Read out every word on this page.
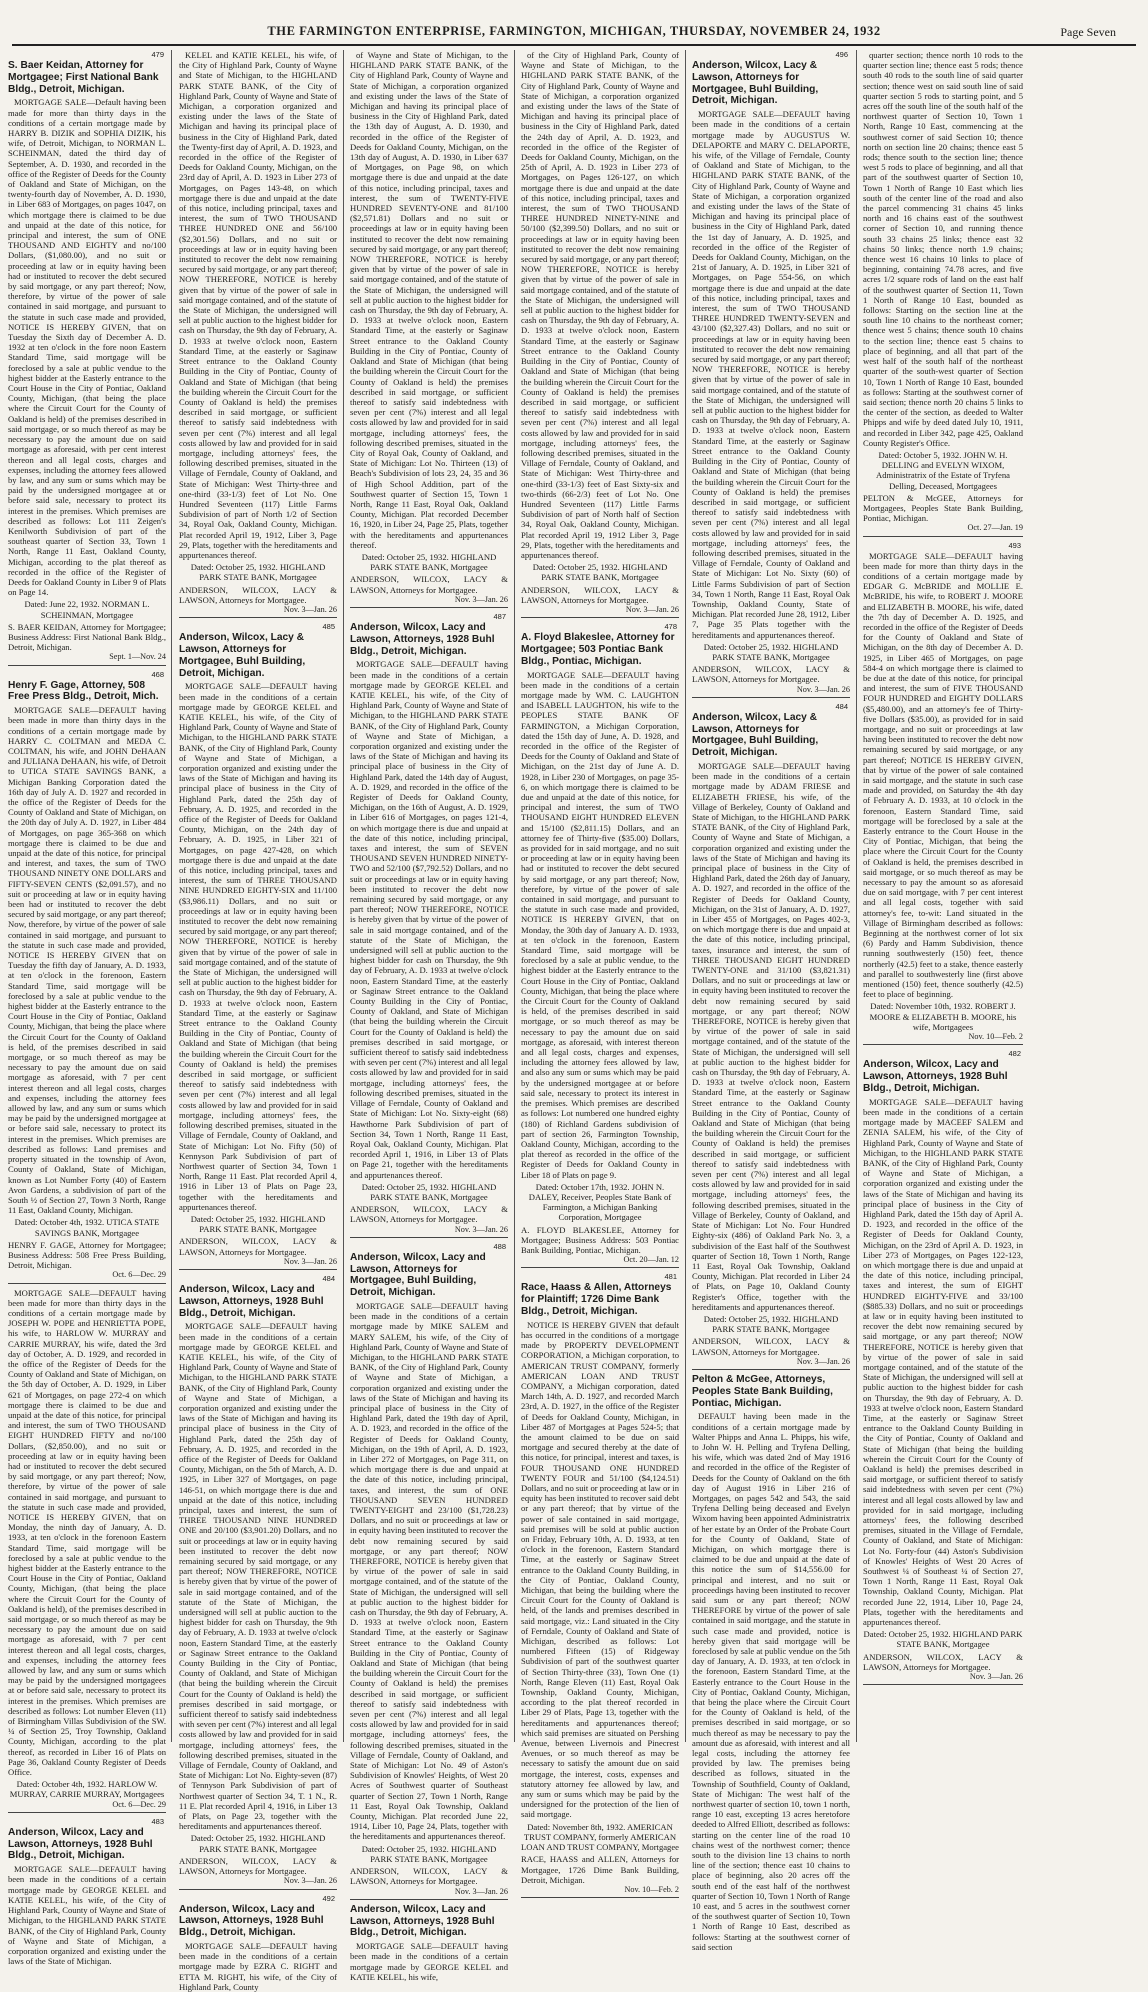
THE FARMINGTON ENTERPRISE, FARMINGTON, MICHIGAN, THURSDAY, NOVEMBER 24, 1932	Page Seven
479
S. Baer Keidan, Attorney for Mortgagee; First National Bank Bldg., Detroit, Michigan.
MORTGAGE SALE—Default having been made for more than thirty days in the conditions of a certain mortgage made by HARRY B. DIZIK and SOPHIA DIZIK, his wife, of Detroit, Michigan, to NORMAN L. SCHEINMAN, dated the third day of September, A. D. 1930, and recorded in the office of the Register of Deeds for the County of Oakland and State of Michigan, on the twenty-fourth day of November, A. D. 1930, in Liber 683 of Mortgages, on pages 1047, on which mortgage there is claimed to be due and unpaid at the date of this notice, for principal and interest, the sum of ONE THOUSAND AND EIGHTY and no/100 Dollars, ($1,080.00), and no suit or proceeding at law or in equity having been had or instituted to recover the debt secured by said mortgage, or any part thereof; Now, therefore, by virtue of the power of sale contained in said mortgage, and pursuant to the statute in such case made and provided, NOTICE IS HEREBY GIVEN, that on Tuesday the Sixth day of December A. D. 1932 at ten o'clock in the fore noon Eastern Standard Time, said mortgage will be foreclosed by a sale at public vendue to the highest bidder at the Easterly entrance to the Court House in the City of Pontiac, Oakland County, Michigan, (that being the place where the Circuit Court for the County of Oakland is held) of the premises described in said mortgage, or so much thereof as may be necessary to pay the amount due on said mortgage as aforesaid, with per cent interest thereon and all legal costs, charges and expenses, including the attorney fees allowed by law, and any sum or sums which may be paid by the undersigned mortgagee at or before said sale, necessary to protect its interest in the premises. Which premises are described as follows: Lot 111 Zeigen's Kenilworth Subdivision of part of the southeast quarter of Section 33, Town 1 North, Range 11 East, Oakland County, Michigan, according to the plat thereof as recorded in the office of the Register of Deeds for Oakland County in Liber 9 of Plats on Page 14.
Dated: June 22, 1932. NORMAN L. SCHEINMAN, Mortgagee
S. BAER KEIDAN, Attorney for Mortgagee; Business Address: First National Bank Bldg., Detroit, Michigan.
Sept. 1—Nov. 24
468
Henry F. Gage, Attorney, 508 Free Press Bldg., Detroit, Mich.
MORTGAGE SALE—DEFAULT having been made in more than thirty days in the conditions of a certain mortgage made by HARRY C. COLTMAN and MEDA C. COLTMAN, his wife, and JOHN DeHAAN and JULIANA DeHAAN, his wife, of Detroit to UTICA STATE SAVINGS BANK, a Michigan Banking Corporation dated the 16th day of July A. D. 1927 and recorded in the office of the Register of Deeds for the County of Oakland and State of Michigan, on the 20th day of July A. D. 1927, in Liber 484 of Mortgages, on page 365-368 on which mortgage there is claimed to be due and unpaid at the date of this notice, for principal and interest, and taxes, the sum of TWO THOUSAND NINETY ONE DOLLARS and FIFTY-SEVEN CENTS ($2,091.57), and no suit or proceeding at law or in equity having been had or instituted to recover the debt secured by said mortgage, or any part thereof; Now, therefore, by virtue of the power of sale contained in said mortgage, and pursuant to the statute in such case made and provided, NOTICE IS HEREBY GIVEN that on Tuesday the fifth day of January, A. D. 1933, at ten o'clock in the forenoon, Eastern Standard Time, said mortgage will be foreclosed by a sale at public vendue to the highest bidder at the Easterly entrance to the Court House in the City of Pontiac, Oakland County, Michigan, that being the place where the Circuit Court for the County of Oakland is held, of the premises described in said mortgage, or so much thereof as may be necessary to pay the amount due on said mortgage as aforesaid, with 7 per cent interest thereon and all legal costs, charges and expenses, including the attorney fees allowed by law, and any sum or sums which may be paid by the undersigned mortgagee at or before said sale, necessary to protect its interest in the premises. Which premises are described as follows: Land premises and property situated in the township of Avon, County of Oakland, State of Michigan, known as Lot Number Forty (40) of Eastern Avon Gardens, a subdivision of part of the South ½ of Section 27, Town 3 North, Range 11 East, Oakland County, Michigan.
Dated: October 4th, 1932. UTICA STATE SAVINGS BANK, Mortgagee
HENRY F. GAGE, Attorney for Mortgagee; Business Address: 508 Free Press Building, Detroit, Michigan.
Oct. 6—Dec. 29
MORTGAGE SALE—DEFAULT having been made for more than thirty days in the conditions of a certain mortgage made by JOSEPH W. POPE and HENRIETTA POPE, his wife, to HARLOW W. MURRAY and CARRIE MURRAY, his wife, dated the 3rd day of October, A. D. 1929, and recorded in the office of the Register of Deeds for the County of Oakland and State of Michigan, on the 5th day of October, A. D. 1929, in Liber 621 of Mortgages, on page 272-4 on which mortgage there is claimed to be due and unpaid at the date of this notice, for principal and interest, the sum of TWO THOUSAND EIGHT HUNDRED FIFTY and no/100 Dollars, ($2,850.00), and no suit or proceeding at law or in equity having been had or instituted to recover the debt secured by said mortgage, or any part thereof; Now, therefore, by virtue of the power of sale contained in said mortgage, and pursuant to the statute in such case made and provided, NOTICE IS HEREBY GIVEN, that on Monday, the ninth day of January, A. D. 1933, at ten o'clock in the forenoon Eastern Standard Time, said mortgage will be foreclosed by a sale at public vendue to the highest bidder at the Easterly entrance to the Court House in the City of Pontiac, Oakland County, Michigan, (that being the place where the Circuit Court for the County of Oakland is held), of the premises described in said mortgage, or so much thereof as may be necessary to pay the amount due on said mortgage as aforesaid, with 7 per cent interest thereon and all legal costs, charges, and expenses, including the attorney fees allowed by law, and any sum or sums which may be paid by the undersigned mortgagees at or before said sale, necessary to protect its interest in the premises. Which premises are described as follows: Lot number Eleven (11) of Birmingham Villas Subdivision of the SW. ¼ of Section 25, Troy Township, Oakland County, Michigan, according to the plat thereof, as recorded in Liber 16 of Plats on Page 36, Oakland County Register of Deeds Office.
Dated: October 4th, 1932. HARLOW W. MURRAY, CARRIE MURRAY, Mortgagees
Oct. 6—Dec. 29
483
Anderson, Wilcox, Lacy and Lawson, Attorneys, 1928 Buhl Bldg., Detroit, Michigan.
MORTGAGE SALE—DEFAULT having been made in the conditions of a certain mortgage made by GEORGE KELEL and KATIE KELEL, his wife, of the City of Highland Park, County of Wayne and State of Michigan, to the HIGHLAND PARK STATE BANK, of the City of Highland Park, County of Wayne and State of Michigan, a corporation organized and existing under the laws of the State of Michigan.
KELEL and KATIE KELEL, his wife, of the City of Highland Park, County of Wayne and State of Michigan, to the HIGHLAND PARK STATE BANK, of the City of Highland Park, County of Wayne and State of Michigan, a corporation organized and existing under the laws of the State of Michigan and having its principal place of business in the City of Highland Park, dated the Twenty-first day of April, A. D. 1923, and recorded in the office of the Register of Deeds for Oakland County, Michigan, on the 23rd day of April, A. D. 1923 in Liber 273 of Mortgages, on Pages 143-48, on which mortgage there is due and unpaid at the date of this notice, including principal, taxes and interest, the sum of TWO THOUSAND THREE HUNDRED ONE and 56/100 ($2,301.56) Dollars, and no suit or proceedings at law or in equity having been instituted to recover the debt now remaining secured by said mortgage, or any part thereof; NOW THEREFORE, NOTICE is hereby given that by virtue of the power of sale in said mortgage contained, and of the statute of the State of Michigan, the undersigned will sell at public auction to the highest bidder for cash on Thursday, the 9th day of February, A. D. 1933 at twelve o'clock noon, Eastern Standard Time, at the easterly or Saginaw Street entrance to the Oakland County Building in the City of Pontiac, County of Oakland and State of Michigan (that being the building wherein the Circuit Court for the County of Oakland is held) the premises described in said mortgage, or sufficient thereof to satisfy said indebtedness with seven per cent (7%) interest and all legal costs allowed by law and provided for in said mortgage, including attorneys' fees, the following described premises, situated in the Village of Ferndale, County of Oakland, and State of Michigan: West Thirty-three and one-third (33-1/3) feet of Lot No. One Hundred Seventeen (117) Little Farms Subdivision of part of North 1/2 of Section 34, Royal Oak, Oakland County, Michigan. Plat recorded April 19, 1912, Liber 3, Page 29, Plats, together with the hereditaments and appurtenances thereof.
Dated: October 25, 1932. HIGHLAND PARK STATE BANK, Mortgagee
ANDERSON, WILCOX, LACY & LAWSON, Attorneys for Mortgagee.
Nov. 3—Jan. 26
485
Anderson, Wilcox, Lacy & Lawson, Attorneys for Mortgagee, Buhl Building, Detroit, Michigan.
MORTGAGE SALE—DEFAULT having been made in the conditions of a certain mortgage made by GEORGE KELEL and KATIE KELEL, his wife, of the City of Highland Park, County of Wayne and State of Michigan, to the HIGHLAND PARK STATE BANK, of the City of Highland Park, County of Wayne and State of Michigan, a corporation organized and existing under the laws of the State of Michigan and having its principal place of business in the City of Highland Park, dated the 25th day of February, A. D. 1925, and recorded in the office of the Register of Deeds for Oakland County, Michigan, on the 24th day of February, A. D. 1925, in Liber 321 of Mortgages, on page 427-428, on which mortgage there is due and unpaid at the date of this notice, including principal, taxes and interest, the sum of THREE THOUSAND NINE HUNDRED EIGHTY-SIX and 11/100 ($3,986.11) Dollars, and no suit or proceedings at law or in equity having been instituted to recover the debt now remaining secured by said mortgage, or any part thereof; NOW THEREFORE, NOTICE is hereby given that by virtue of the power of sale in said mortgage contained, and of the statute of the State of Michigan, the undersigned will sell at public auction to the highest bidder for cash on Thursday, the 9th day of February, A. D. 1933 at twelve o'clock noon, Eastern Standard Time, at the easterly or Saginaw Street entrance to the Oakland County Building in the City of Pontiac, County of Oakland and State of Michigan (that being the building wherein the Circuit Court for the County of Oakland is held) the premises described in said mortgage, or sufficient thereof to satisfy said indebtedness with seven per cent (7%) interest and all legal costs allowed by law and provided for in said mortgage, including attorneys' fees, the following described premises, situated in the Village of Ferndale, County of Oakland, and State of Michigan: Lot No. Fifty (50) of Kennyson Park Subdivision of part of Northwest quarter of Section 34, Town 1 North, Range 11 East. Plat recorded April 4, 1916 in Liber 13 of Plats on Page 23, together with the hereditaments and appurtenances thereof.
Dated: October 25, 1932. HIGHLAND PARK STATE BANK, Mortgagee
ANDERSON, WILCOX, LACY & LAWSON, Attorneys for Mortgagee.
Nov. 3—Jan. 26
484
Anderson, Wilcox, Lacy and Lawson, Attorneys, 1928 Buhl Bldg., Detroit, Michigan.
MORTGAGE SALE—DEFAULT having been made in the conditions of a certain mortgage made by GEORGE KELEL and KATIE KELEL, his wife, of the City of Highland Park, County of Wayne and State of Michigan, to the HIGHLAND PARK STATE BANK, of the City of Highland Park, County of Wayne and State of Michigan, a corporation organized and existing under the laws of the State of Michigan and having its principal place of business in the City of Highland Park, dated the 25th day of February, A. D. 1925, and recorded in the office of the Register of Deeds for Oakland County, Michigan, on the 5th of March, A. D. 1925, in Liber 327 of Mortgages, on page 146-51, on which mortgage there is due and unpaid at the date of this notice, including principal, taxes and interest, the sum of THREE THOUSAND NINE HUNDRED ONE and 20/100 ($3,901.20) Dollars, and no suit or proceedings at law or in equity having been instituted to recover the debt now remaining secured by said mortgage, or any part thereof; NOW THEREFORE, NOTICE is hereby given that by virtue of the power of sale in said mortgage contained, and of the statute of the State of Michigan, the undersigned will sell at public auction to the highest bidder for cash on Thursday, the 9th day of February, A. D. 1933 at twelve o'clock noon, Eastern Standard Time, at the easterly or Saginaw Street entrance to the Oakland County Building in the City of Pontiac, County of Oakland, and State of Michigan (that being the building wherein the Circuit Court for the County of Oakland is held) the premises described in said mortgage, or sufficient thereof to satisfy said indebtedness with seven per cent (7%) interest and all legal costs allowed by law and provided for in said mortgage, including attorneys' fees, the following described premises, situated in the Village of Ferndale, County of Oakland, and State of Michigan: Lot No. Eighty-seven (87) of Tennyson Park Subdivision of part of Northwest quarter of Section 34, T. 1 N., R. 11 E. Plat recorded April 4, 1916, in Liber 13 of Plats, on Page 23, together with the hereditaments and appurtenances thereof.
Dated: October 25, 1932. HIGHLAND PARK STATE BANK, Mortgagee
ANDERSON, WILCOX, LACY & LAWSON, Attorneys for Mortgagee.
Nov. 3—Jan. 26
492
Anderson, Wilcox, Lacy and Lawson, Attorneys, 1928 Buhl Bldg., Detroit, Michigan.
MORTGAGE SALE—DEFAULT having been made in the conditions of a certain mortgage made by EZRA C. RIGHT and ETTA M. RIGHT, his wife, of the City of Highland Park, County
of Wayne and State of Michigan, to the HIGHLAND PARK STATE BANK, of the City of Highland Park, County of Wayne and State of Michigan, a corporation organized and existing under the laws of the State of Michigan and having its principal place of business in the City of Highland Park, dated the 13th day of August, A. D. 1930, and recorded in the office of the Register of Deeds for Oakland County, Michigan, on the 13th day of August, A. D. 1930, in Liber 637 of Mortgages, on Page 98, on which mortgage there is due and unpaid at the date of this notice, including principal, taxes and interest, the sum of TWENTY-FIVE HUNDRED SEVENTY-ONE and 81/100 ($2,571.81) Dollars and no suit or proceedings at law or in equity having been instituted to recover the debt now remaining secured by said mortgage, or any part thereof; NOW THEREFORE, NOTICE is hereby given that by virtue of the power of sale in said mortgage contained, and of the statute of the State of Michigan, the undersigned will sell at public auction to the highest bidder for cash on Thursday, the 9th day of February, A. D. 1933 at twelve o'clock noon, Eastern Standard Time, at the easterly or Saginaw Street entrance to the Oakland County Building in the City of Pontiac, County of Oakland and State of Michigan (that being the building wherein the Circuit Court for the County of Oakland is held) the premises described in said mortgage, or sufficient thereof to satisfy said indebtedness with seven per cent (7%) interest and all legal costs allowed by law and provided for in said mortgage, including attorneys' fees, the following described premises, situated in the City of Royal Oak, County of Oakland, and State of Michigan: Lot No. Thirteen (13) of Beach's Subdivision of lots 23, 24, 35 and 36 of High School Addition, part of the Southwest quarter of Section 15, Town 1 North, Range 11 East, Royal Oak, Oakland County, Michigan. Plat recorded December 16, 1920, in Liber 24, Page 25, Plats, together with the hereditaments and appurtenances thereof.
Dated: October 25, 1932. HIGHLAND PARK STATE BANK, Mortgagee
ANDERSON, WILCOX, LACY & LAWSON, Attorneys for Mortgagee.
Nov. 3—Jan. 26
487
Anderson, Wilcox, Lacy and Lawson, Attorneys, 1928 Buhl Bldg., Detroit, Michigan.
MORTGAGE SALE—DEFAULT having been made in the conditions of a certain mortgage made by GEORGE KELEL and KATIE KELEL, his wife, of the City of Highland Park, County of Wayne and State of Michigan, to the HIGHLAND PARK STATE BANK, of the City of Highland Park, County of Wayne and State of Michigan, a corporation organized and existing under the laws of the State of Michigan and having its principal place of business in the City of Highland Park, dated the 14th day of August, A. D. 1929, and recorded in the office of the Register of Deeds for Oakland County, Michigan, on the 16th of August, A. D. 1929, in Liber 616 of Mortgages, on pages 121-4, on which mortgage there is due and unpaid at the date of this notice, including principal, taxes and interest, the sum of SEVEN THOUSAND SEVEN HUNDRED NINETY-TWO and 52/100 ($7,792.52) Dollars, and no suit or proceedings at law or in equity having been instituted to recover the debt now remaining secured by said mortgage, or any part thereof; NOW THEREFORE, NOTICE is hereby given that by virtue of the power of sale in said mortgage contained, and of the statute of the State of Michigan, the undersigned will sell at public auction to the highest bidder for cash on Thursday, the 9th day of February, A. D. 1933 at twelve o'clock noon, Eastern Standard Time, at the easterly or Saginaw Street entrance to the Oakland County Building in the City of Pontiac, County of Oakland, and State of Michigan (that being the building wherein the Circuit Court for the County of Oakland is held) the premises described in said mortgage, or sufficient thereof to satisfy said indebtedness with seven per cent (7%) interest and all legal costs allowed by law and provided for in said mortgage, including attorneys' fees, the following described premises, situated in the Village of Ferndale, County of Oakland and State of Michigan: Lot No. Sixty-eight (68) Hawthorne Park Subdivision of part of Section 34, Town 1 North, Range 11 East, Royal Oak, Oakland County, Michigan. Plat recorded April 1, 1916, in Liber 13 of Plats on Page 21, together with the hereditaments and appurtenances thereof.
Dated: October 25, 1932. HIGHLAND PARK STATE BANK, Mortgagee
ANDERSON, WILCOX, LACY & LAWSON, Attorneys for Mortgagee.
Nov. 3—Jan. 26
488
Anderson, Wilcox, Lacy and Lawson, Attorneys for Mortgagee, Buhl Building, Detroit, Michigan.
MORTGAGE SALE—DEFAULT having been made in the conditions of a certain mortgage made by MIKE SALEM and MARY SALEM, his wife, of the City of Highland Park, County of Wayne and State of Michigan, to the HIGHLAND PARK STATE BANK, of the City of Highland Park, County of Wayne and State of Michigan, a corporation organized and existing under the laws of the State of Michigan and having its principal place of business in the City of Highland Park, dated the 19th day of April, A. D. 1923, and recorded in the office of the Register of Deeds for Oakland County, Michigan, on the 19th of April, A. D. 1923, in Liber 272 of Mortgages, on Page 311, on which mortgage there is due and unpaid at the date of this notice, including principal, taxes, and interest, the sum of ONE THOUSAND SEVEN HUNDRED TWENTY-EIGHT and 23/100 ($1,728.23) Dollars, and no suit or proceedings at law or in equity having been instituted to recover the debt now remaining secured by said mortgage, or any part thereof; NOW THEREFORE, NOTICE is hereby given that by virtue of the power of sale in said mortgage contained, and of the statute of the State of Michigan, the undersigned will sell at public auction to the highest bidder for cash on Thursday, the 9th day of February, A. D. 1933 at twelve o'clock noon, Eastern Standard Time, at the easterly or Saginaw Street entrance to the Oakland County Building in the City of Pontiac, County of Oakland and State of Michigan (that being the building wherein the Circuit Court for the County of Oakland is held) the premises described in said mortgage, or sufficient thereof to satisfy said indebtedness with seven per cent (7%) interest and all legal costs allowed by law and provided for in said mortgage, including attorneys' fees, the following described premises, situated in the Village of Ferndale, County of Oakland, and State of Michigan: Lot No. 49 of Aston's Subdivision of Knowles' Heights, of West 20 Acres of Southwest quarter of Southeast quarter of Section 27, Town 1 North, Range 11 East, Royal Oak Township, Oakland County, Michigan. Plat recorded June 22, 1914, Liber 10, Page 24, Plats, together with the hereditaments and appurtenances thereof.
Dated: October 25, 1932. HIGHLAND PARK STATE BANK, Mortgagee
ANDERSON, WILCOX, LACY & LAWSON, Attorneys for Mortgagee.
Nov. 3—Jan. 26
Anderson, Wilcox, Lacy and Lawson, Attorneys, 1928 Buhl Bldg., Detroit, Michigan.
MORTGAGE SALE—DEFAULT having been made in the conditions of a certain mortgage made by GEORGE KELEL and KATIE KELEL, his wife,
of the City of Highland Park, County of Wayne and State of Michigan, to the HIGHLAND PARK STATE BANK, of the City of Highland Park, County of Wayne and State of Michigan, a corporation organized and existing under the laws of the State of Michigan and having its principal place of business in the City of Highland Park, dated the 24th day of April, A. D. 1923, and recorded in the office of the Register of Deeds for Oakland County, Michigan, on the 25th of April, A. D. 1923 in Liber 273 of Mortgages, on Pages 126-127, on which mortgage there is due and unpaid at the date of this notice, including principal, taxes and interest, the sum of TWO THOUSAND THREE HUNDRED NINETY-NINE and 50/100 ($2,399.50) Dollars, and no suit or proceedings at law or in equity having been instituted to recover the debt now remaining secured by said mortgage, or any part thereof; NOW THEREFORE, NOTICE is hereby given that by virtue of the power of sale in said mortgage contained, and of the statute of the State of Michigan, the undersigned will sell at public auction to the highest bidder for cash on Thursday, the 9th day of February, A. D. 1933 at twelve o'clock noon, Eastern Standard Time, at the easterly or Saginaw Street entrance to the Oakland County Building in the City of Pontiac, County of Oakland and State of Michigan (that being the building wherein the Circuit Court for the County of Oakland is held) the premises described in said mortgage, or sufficient thereof to satisfy said indebtedness with seven per cent (7%) interest and all legal costs allowed by law and provided for in said mortgage, including attorneys' fees, the following described premises, situated in the Village of Ferndale, County of Oakland, and State of Michigan: West Thirty-three and one-third (33-1/3) feet of East Sixty-six and two-thirds (66-2/3) feet of Lot No. One Hundred Seventeen (117) Little Farms Subdivision of part of North half of Section 34, Royal Oak, Oakland County, Michigan. Plat recorded April 19, 1912 Liber 3, Page 29, Plats, together with the hereditaments and appurtenances thereof.
Dated: October 25, 1932. HIGHLAND PARK STATE BANK, Mortgagee
ANDERSON, WILCOX, LACY & LAWSON, Attorneys for Mortgagee.
Nov. 3—Jan. 26
478
A. Floyd Blakeslee, Attorney for Mortgagee; 503 Pontiac Bank Bldg., Pontiac, Michigan.
MORTGAGE SALE—DEFAULT having been made in the conditions of a certain mortgage made by WM. C. LAUGHTON and ISABELL LAUGHTON, his wife to the PEOPLES STATE BANK OF FARMINGTON, a Michigan Corporation, dated the 15th day of June, A. D. 1928, and recorded in the office of the Register of Deeds for the County of Oakland and State of Michigan, on the 21st day of June A. D. 1928, in Liber 230 of Mortgages, on page 35-6, on which mortgage there is claimed to be due and unpaid at the date of this notice, for principal and interest, the sum of TWO THOUSAND EIGHT HUNDRED ELEVEN and 15/100 ($2,811.15) Dollars, and an attorney fee of Thirty-five ($35.00) Dollars, as provided for in said mortgage, and no suit or proceeding at law or in equity having been had or instituted to recover the debt secured by said mortgage, or any part thereof; Now, therefore, by virtue of the power of sale contained in said mortgage, and pursuant to the statute in such case made and provided, NOTICE IS HEREBY GIVEN, that on Monday, the 30th day of January A. D. 1933, at ten o'clock in the forenoon, Eastern Standard Time, said mortgage will be foreclosed by a sale at public vendue, to the highest bidder at the Easterly entrance to the Court House in the City of Pontiac, Oakland County, Michigan, that being the place where the Circuit Court for the County of Oakland is held, of the premises described in said mortgage, or so much thereof as may be necessary to pay the amount due on said mortgage, as aforesaid, with interest thereon and all legal costs, charges and expenses, including the attorney fees allowed by law, and also any sum or sums which may be paid by the undersigned mortgagee at or before said sale, necessary to protect its interest in the premises. Which premises are described as follows: Lot numbered one hundred eighty (180) of Richland Gardens subdivision of part of section 26, Farmington Township, Oakland County, Michigan, according to the plat thereof as recorded in the office of the Register of Deeds for Oakland County in Liber 18 of Plats on page 9.
Dated: October 17th, 1932. JOHN N. DALEY, Receiver, Peoples State Bank of Farmington, a Michigan Banking Corporation, Mortgagee
A. FLOYD BLAKESLEE, Attorney for Mortgagee; Business Address: 503 Pontiac Bank Building, Pontiac, Michigan.
Oct. 20—Jan. 12
481
Race, Haass & Allen, Attorneys for Plaintiff; 1726 Dime Bank Bldg., Detroit, Michigan.
NOTICE IS HEREBY GIVEN that default has occurred in the conditions of a mortgage made by PROPERTY DEVELOPMENT CORPORATION, a Michigan corporation, to AMERICAN TRUST COMPANY, formerly AMERICAN LOAN AND TRUST COMPANY, a Michigan corporation, dated March 14th, A. D. 1927, and recorded March 23rd, A. D. 1927, in the office of the Register of Deeds for Oakland County, Michigan, in Liber 487 of Mortgages at Pages 524-5; that the amount claimed to be due on said mortgage and secured thereby at the date of this notice, for principal, interest and taxes, is FOUR THOUSAND ONE HUNDRED TWENTY FOUR and 51/100 ($4,124.51) Dollars, and no suit or proceeding at law or in equity has been instituted to recover said debt or any part thereof; that by virtue of the power of sale contained in said mortgage, said premises will be sold at public auction on Friday, February 10th, A. D. 1933, at ten o'clock in the forenoon, Eastern Standard Time, at the easterly or Saginaw Street entrance to the Oakland County Building, in the City of Pontiac, Oakland County, Michigan, that being the building where the Circuit Court for the County of Oakland is held, of the lands and premises described in said mortgage, viz.: Land situated in the City of Ferndale, County of Oakland and State of Michigan, described as follows: Lot numbered Fifteen (15) of Ridgeway Subdivision of part of the southwest quarter of Section Thirty-three (33), Town One (1) North, Range Eleven (11) East, Royal Oak Township, Oakland County, Michigan, according to the plat thereof recorded in Liber 29 of Plats, Page 13, together with the hereditaments and appurtenances thereof; which said premises are situated on Pershing Avenue, between Livernois and Pinecrest Avenues, or so much thereof as may be necessary to satisfy the amount due on said mortgage, the interest, costs, expenses and statutory attorney fee allowed by law, and any sum or sums which may be paid by the undersigned for the protection of the lien of said mortgage.
Dated: November 8th, 1932. AMERICAN TRUST COMPANY, formerly AMERICAN LOAN AND TRUST COMPANY, Mortgagee
RACE, HAASS and ALLEN, Attorneys for Mortgagee, 1726 Dime Bank Building, Detroit, Michigan.
Nov. 10—Feb. 2
496
Anderson, Wilcox, Lacy & Lawson, Attorneys for Mortgagee, Buhl Building, Detroit, Michigan.
MORTGAGE SALE—DEFAULT having been made in the conditions of a certain mortgage made by AUGUSTUS W. DELAPORTE and MARY C. DELAPORTE, his wife, of the Village of Ferndale, County of Oakland and State of Michigan, to the HIGHLAND PARK STATE BANK, of the City of Highland Park, County of Wayne and State of Michigan, a corporation organized and existing under the laws of the State of Michigan and having its principal place of business in the City of Highland Park, dated the 1st day of January, A. D. 1925, and recorded in the office of the Register of Deeds for Oakland County, Michigan, on the 21st of January, A. D. 1925, in Liber 321 of Mortgages, on Page 554-56, on which mortgage there is due and unpaid at the date of this notice, including principal, taxes and interest, the sum of TWO THOUSAND THREE HUNDRED TWENTY-SEVEN and 43/100 ($2,327.43) Dollars, and no suit or proceedings at law or in equity having been instituted to recover the debt now remaining secured by said mortgage, or any part thereof; NOW THEREFORE, NOTICE is hereby given that by virtue of the power of sale in said mortgage contained, and of the statute of the State of Michigan, the undersigned will sell at public auction to the highest bidder for cash on Thursday, the 9th day of February, A. D. 1933 at twelve o'clock noon, Eastern Standard Time, at the easterly or Saginaw Street entrance to the Oakland County Building in the City of Pontiac, County of Oakland and State of Michigan (that being the building wherein the Circuit Court for the County of Oakland is held) the premises described in said mortgage, or sufficient thereof to satisfy said indebtedness with seven per cent (7%) interest and all legal costs allowed by law and provided for in said mortgage, including attorneys' fees, the following described premises, situated in the Village of Ferndale, County of Oakland and State of Michigan: Lot No. Sixty (60) of Little Farms Subdivision of part of Section 34, Town 1 North, Range 11 East, Royal Oak Township, Oakland County, State of Michigan. Plat recorded June 28, 1912, Liber 7, Page 35 Plats together with the hereditaments and appurtenances thereof.
Dated: October 25, 1932. HIGHLAND PARK STATE BANK, Mortgagee
ANDERSON, WILCOX, LACY & LAWSON, Attorneys for Mortgagee.
Nov. 3—Jan. 26
484
Anderson, Wilcox, Lacy & Lawson, Attorneys for Mortgagee, Buhl Building, Detroit, Michigan.
MORTGAGE SALE—DEFAULT having been made in the conditions of a certain mortgage made by ADAM FRIESE and ELIZABETH FRIESE, his wife, of the Village of Berkeley, County of Oakland and State of Michigan, to the HIGHLAND PARK STATE BANK, of the City of Highland Park, County of Wayne and State of Michigan, a corporation organized and existing under the laws of the State of Michigan and having its principal place of business in the City of Highland Park, dated the 26th day of January, A. D. 1927, and recorded in the office of the Register of Deeds for Oakland County, Michigan, on the 31st of January, A. D. 1927, in Liber 455 of Mortgages, on Pages 402-3, on which mortgage there is due and unpaid at the date of this notice, including principal, taxes, insurance and interest, the sum of THREE THOUSAND EIGHT HUNDRED TWENTY-ONE and 31/100 ($3,821.31) Dollars, and no suit or proceedings at law or in equity having been instituted to recover the debt now remaining secured by said mortgage, or any part thereof; NOW THEREFORE, NOTICE is hereby given that by virtue of the power of sale in said mortgage contained, and of the statute of the State of Michigan, the undersigned will sell at public auction to the highest bidder for cash on Thursday, the 9th day of February, A. D. 1933 at twelve o'clock noon, Eastern Standard Time, at the easterly or Saginaw Street entrance to the Oakland County Building in the City of Pontiac, County of Oakland and State of Michigan (that being the building wherein the Circuit Court for the County of Oakland is held) the premises described in said mortgage, or sufficient thereof to satisfy said indebtedness with seven per cent (7%) interest and all legal costs allowed by law and provided for in said mortgage, including attorneys' fees, the following described premises, situated in the Village of Berkeley, County of Oakland, and State of Michigan: Lot No. Four Hundred Eighty-six (486) of Oakland Park No. 3, a subdivision of the East half of the Southwest quarter of Section 18, Town 1 North, Range 11 East, Royal Oak Township, Oakland County, Michigan. Plat recorded in Liber 24 of Plats, on Page 10, Oakland County Register's Office, together with the hereditaments and appurtenances thereof.
Dated: October 25, 1932. HIGHLAND PARK STATE BANK, Mortgagee
ANDERSON, WILCOX, LACY & LAWSON, Attorneys for Mortgagee.
Nov. 3—Jan. 26
Pelton & McGee, Attorneys, Peoples State Bank Building, Pontiac, Michigan.
DEFAULT having been made in the conditions of a certain mortgage made by Walter Phipps and Anna L. Phipps, his wife, to John W. H. Pelling and Tryfena Delling, his wife, which was dated 2nd of May 1916 and recorded in the office of the Register of Deeds for the County of Oakland on the 6th day of August 1916 in Liber 216 of Mortgages, on pages 542 and 543, the said Tryfena Delling being deceased and Evelyn Wixom having been appointed Administratrix of her estate by an Order of the Probate Court for the County of Oakland, State of Michigan, on which mortgage there is claimed to be due and unpaid at the date of this notice the sum of $14,556.00 for principal and interest, and no suit or proceedings having been instituted to recover said sum or any part thereof; NOW THEREFORE by virtue of the power of sale contained in said mortgage, and the statute in such case made and provided, notice is hereby given that said mortgage will be foreclosed by sale at public vendue on the 5th day of January, A. D. 1933, at ten o'clock in the forenoon, Eastern Standard Time, at the Easterly entrance to the Court House in the City of Pontiac, Oakland County, Michigan, that being the place where the Circuit Court for the County of Oakland is held, of the premises described in said mortgage, or so much thereof as may be necessary to pay the amount due as aforesaid, with interest and all legal costs, including the attorney fee provided by law. The premises being described as follows, situated in the Township of Southfield, County of Oakland, State of Michigan: The west half of the northwest quarter of section 10, town 1 north, range 10 east, excepting 13 acres heretofore deeded to Alfred Elliott, described as follows: starting on the center line of the road 10 chains west of the northwest corner; thence south to the division line 13 chains to north line of the section; thence east 10 chains to place of beginning, also 20 acres off the south end of the east half of the northwest quarter of Section 10, Town 1 North of Range 10 east, and 5 acres in the southwest corner of the southwest quarter of Section 10, Town 1 North of Range 10 East, described as follows: Starting at the southwest corner of said section
quarter section; thence north 10 rods to the quarter section line; thence east 5 rods; thence south 40 rods to the south line of said quarter section; thence west on said south line of said quarter section 5 rods to starting point, and 5 acres off the south line of the south half of the northwest quarter of Section 10, Town 1 North, Range 10 East, commencing at the southwest corner of said Section 10; thence north on section line 20 chains; thence east 5 rods; thence south to the section line; thence west 5 rods to place of beginning, and all that part of the southwest quarter of Section 10, Town 1 North of Range 10 East which lies south of the center line of the road and also the parcel commencing 31 chains 45 links north and 16 chains east of the southwest corner of Section 10, and running thence south 33 chains 25 links; thence east 32 chains 50 links; thence north 1.9 chains; thence west 16 chains 10 links to place of beginning, containing 74.78 acres, and five acres 1/2 square rods of land on the east half of the southwest quarter of Section 11, Town 1 North of Range 10 East, bounded as follows: Starting on the section line at the south line 10 chains to the northeast corner; thence west 5 chains; thence south 10 chains to the section line; thence east 5 chains to place of beginning, and all that part of the west half of the south half of the northeast quarter of the south-west quarter of Section 10, Town 1 North of Range 10 East, bounded as follows: Starting at the southwest corner of said section; thence north 20 chains 5 links to the center of the section, as deeded to Walter Phipps and wife by deed dated July 10, 1911, and recorded in Liber 342, page 425, Oakland County Register's Office.
Dated: October 5, 1932. JOHN W. H. DELLING and EVELYN WIXOM, Administratrix of the Estate of Tryfena Delling, Deceased, Mortgagees
PELTON & McGEE, Attorneys for Mortgagees, Peoples State Bank Building, Pontiac, Michigan.
Oct. 27—Jan. 19
493
MORTGAGE SALE—DEFAULT having been made for more than thirty days in the conditions of a certain mortgage made by EDGAR G. McBRIDE and MOLLIE E. McBRIDE, his wife, to ROBERT J. MOORE and ELIZABETH B. MOORE, his wife, dated the 7th day of December A. D. 1925, and recorded in the office of the Register of Deeds for the County of Oakland and State of Michigan, on the 8th day of December A. D. 1925, in Liber 465 of Mortgages, on page 584-4 on which mortgage there is claimed to be due at the date of this notice, for principal and interest, the sum of FIVE THOUSAND FOUR HUNDRED and EIGHTY DOLLARS ($5,480.00), and an attorney's fee of Thirty-five Dollars ($35.00), as provided for in said mortgage, and no suit or proceedings at law having been instituted to recover the debt now remaining secured by said mortgage, or any part thereof; NOTICE IS HEREBY GIVEN, that by virtue of the power of sale contained in said mortgage, and the statute in such case made and provided, on Saturday the 4th day of February A. D. 1933, at 10 o'clock in the forenoon, Eastern Standard Time, said mortgage will be foreclosed by a sale at the Easterly entrance to the Court House in the City of Pontiac, Michigan, that being the place where the Circuit Court for the County of Oakland is held, the premises described in said mortgage, or so much thereof as may be necessary to pay the amount so as aforesaid due on said mortgage, with 7 per cent interest and all legal costs, together with said attorney's fee, to-wit: Land situated in the Village of Birmingham described as follows: Beginning at the northwest corner of lot six (6) Pardy and Hamm Subdivision, thence running southwesterly (150) feet, thence northerly (42.5) feet to a stake, thence easterly and parallel to southwesterly line (first above mentioned (150) feet, thence southerly (42.5) feet to place of beginning.
Dated: November 10th, 1932. ROBERT J. MOORE & ELIZABETH B. MOORE, his wife, Mortgagees
Nov. 10—Feb. 2
482
Anderson, Wilcox, Lacy and Lawson, Attorneys, 1928 Buhl Bldg., Detroit, Michigan.
MORTGAGE SALE—DEFAULT having been made in the conditions of a certain mortgage made by MACEEF SALEM and ZENIA SALEM, his wife, of the City of Highland Park, County of Wayne and State of Michigan, to the HIGHLAND PARK STATE BANK, of the City of Highland Park, County of Wayne and State of Michigan, a corporation organized and existing under the laws of the State of Michigan and having its principal place of business in the City of Highland Park, dated the 15th day of April A. D. 1923, and recorded in the office of the Register of Deeds for Oakland County, Michigan, on the 23rd of April A. D. 1923, in Liber 273 of Mortgages, on Pages 122-123, on which mortgage there is due and unpaid at the date of this notice, including principal, taxes and interest, the sum of EIGHT HUNDRED EIGHTY-FIVE and 33/100 ($885.33) Dollars, and no suit or proceedings at law or in equity having been instituted to recover the debt now remaining secured by said mortgage, or any part thereof; NOW THEREFORE, NOTICE is hereby given that by virtue of the power of sale in said mortgage contained, and of the statute of the State of Michigan, the undersigned will sell at public auction to the highest bidder for cash on Thursday, the 9th day of February, A. D. 1933 at twelve o'clock noon, Eastern Standard Time, at the easterly or Saginaw Street entrance to the Oakland County Building in the City of Pontiac, County of Oakland and State of Michigan (that being the building wherein the Circuit Court for the County of Oakland is held) the premises described in said mortgage, or sufficient thereof to satisfy said indebtedness with seven per cent (7%) interest and all legal costs allowed by law and provided for in said mortgage, including attorneys' fees, the following described premises, situated in the Village of Ferndale, County of Oakland, and State of Michigan: Lot No. Forty-four (44) Aston's Subdivision of Knowles' Heights of West 20 Acres of Southwest ¼ of Southeast ¼ of Section 27, Town 1 North, Range 11 East, Royal Oak Township, Oakland County, Michigan. Plat recorded June 22, 1914, Liber 10, Page 24, Plats, together with the hereditaments and appurtenances thereof.
Dated: October 25, 1932. HIGHLAND PARK STATE BANK, Mortgagee
ANDERSON, WILCOX, LACY & LAWSON, Attorneys for Mortgagee.
Nov. 3—Jan. 26
